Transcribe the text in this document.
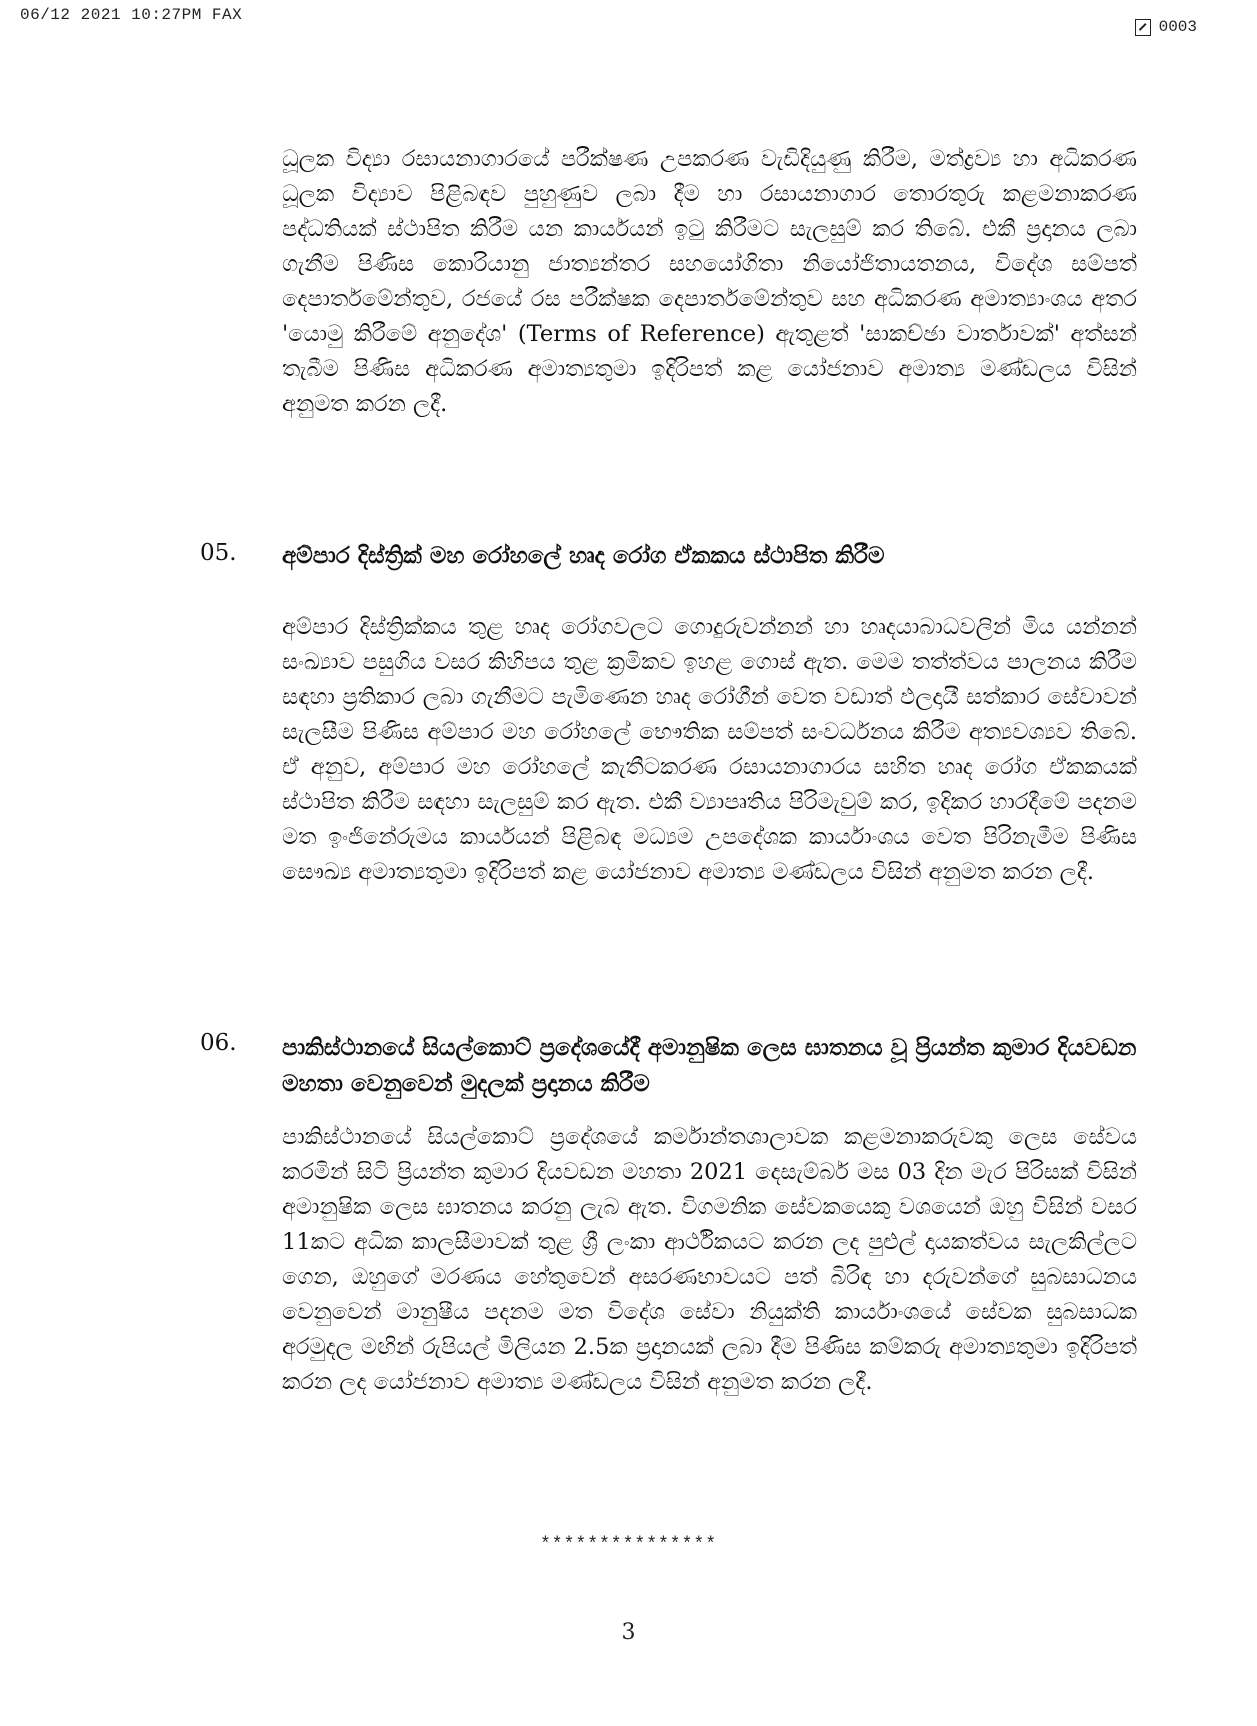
06/12 2021 10:27PM FAX
0003
ධූලක විද්‍යා රසායනාගාරයේ පරීක්ෂණ උපකරණ වැඩිදියුණු කිරීම, මත්ද්‍රව්‍ය හා අධිකරණ ධූලක විද්‍යාව පිළිබඳව පුහුණුව ලබා දීම හා රසායනාගාර තොරතුරු කළමනාකරණ පද්ධතියක් ස්ථාපිත කිරීම යන කාර්යයන් ඉටු කිරීමට සැලසුම් කර තිබේ. එකී ප්‍රදානය ලබා ගැනීම පිණිස කොරියානු ජාත්‍යන්තර සහයෝගිතා නියෝජිතායතනය, විදේශ සම්පත් දෙපාර්තමේන්තුව, රජයේ රස පරීක්ෂක දෙපාර්තමේන්තුව සහ අධිකරණ අමාත්‍යාංශය අතර 'යොමු කිරීමේ අනුදේශ' (Terms of Reference) ඇතුළත් 'සාකච්ඡා වාර්තාවක්' අත්සන් තැබීම පිණිස අධිකරණ අමාත්‍යතුමා ඉදිරිපත් කළ යෝජනාව අමාත්‍ය මණ්ඩලය විසින් අනුමත කරන ලදී.
05. අම්පාර දිස්ත්‍රික් මහ රෝහලේ හෘද රෝග ඒකකය ස්ථාපිත කිරීම
අම්පාර දිස්ත්‍රික්කය තුළ හෘද රෝගවලට ගොදුරුවන්නන් හා හෘදයාබාධවලින් මිය යන්නන් සංඛ්‍යාව පසුගිය වසර කිහිපය තුළ ක්‍රමිකව ඉහළ ගොස් ඇත. මෙම තත්ත්වය පාලනය කිරීම සඳහා ප්‍රතිකාර ලබා ගැනීමට පැමිණෙන හෘද රෝගීන් වෙත වඩාත් ඵලදායී සත්කාර සේවාවන් සැලසීම පිණිස අම්පාර මහ රෝහලේ භෞතික සම්පත් සංවර්ධනය කිරීම අත්‍යවශ්‍යව තිබේ. ඒ අනුව, අම්පාර මහ රෝහලේ කැතීටකරණ රසායනාගාරය සහිත හෘද රෝග ඒකකයක් ස්ථාපිත කිරීම සඳහා සැලසුම් කර ඇත. එකී ව්‍යාපෘතිය පිරිමැවුම් කර, ඉදිකර හාරදීමේ පදනම මත ඉංජිනේරුමය කාර්යයන් පිළිබඳ මධ්‍යම උපදේශක කාර්යාංශය වෙත පිරිනැමීම පිණිස සෞඛ්‍ය අමාත්‍යතුමා ඉදිරිපත් කළ යෝජනාව අමාත්‍ය මණ්ඩලය විසින් අනුමත කරන ලදී.
06. පාකිස්ථානයේ සියල්කොට් ප්‍රදේශයේදී අමානුෂික ලෙස ඝාතනය වූ ප්‍රියන්ත කුමාර දියවඩන මහතා වෙනුවෙන් මුදලක් ප්‍රදානය කිරීම
පාකිස්ථානයේ සියල්කොට් ප්‍රදේශයේ කර්මාන්තශාලාවක කළමනාකරුවකු ලෙස සේවය කරමින් සිටි ප්‍රියන්ත කුමාර දියවඩන මහතා 2021 දෙසැම්බර් මස 03 දින මැර පිරිසක් විසින් අමානුෂික ලෙස ඝාතනය කරනු ලැබ ඇත. විගමනික සේවකයෙකු වශයෙන් ඔහු විසින් වසර 11කට අධික කාලසීමාවක් තුළ ශ්‍රී ලංකා ආර්ථිකයට කරන ලද පුළුල් දායකත්වය සැලකිල්ලට ගෙන, ඔහුගේ මරණය හේතුවෙන් අසරණභාවයට පත් බිරිඳ හා දරුවන්ගේ සුබසාධනය වෙනුවෙන් මානුෂීය පදනම මත විදේශ සේවා නියුක්ති කාර්යාංශයේ සේවක සුබසාධක අරමුදල මඟින් රුපියල් මිලියන 2.5ක ප්‍රදානයක් ලබා දීම පිණිස කම්කරු අමාත්‍යතුමා ඉදිරිපත් කරන ලද යෝජනාව අමාත්‍ය මණ්ඩලය විසින් අනුමත කරන ලදී.
***************
3
